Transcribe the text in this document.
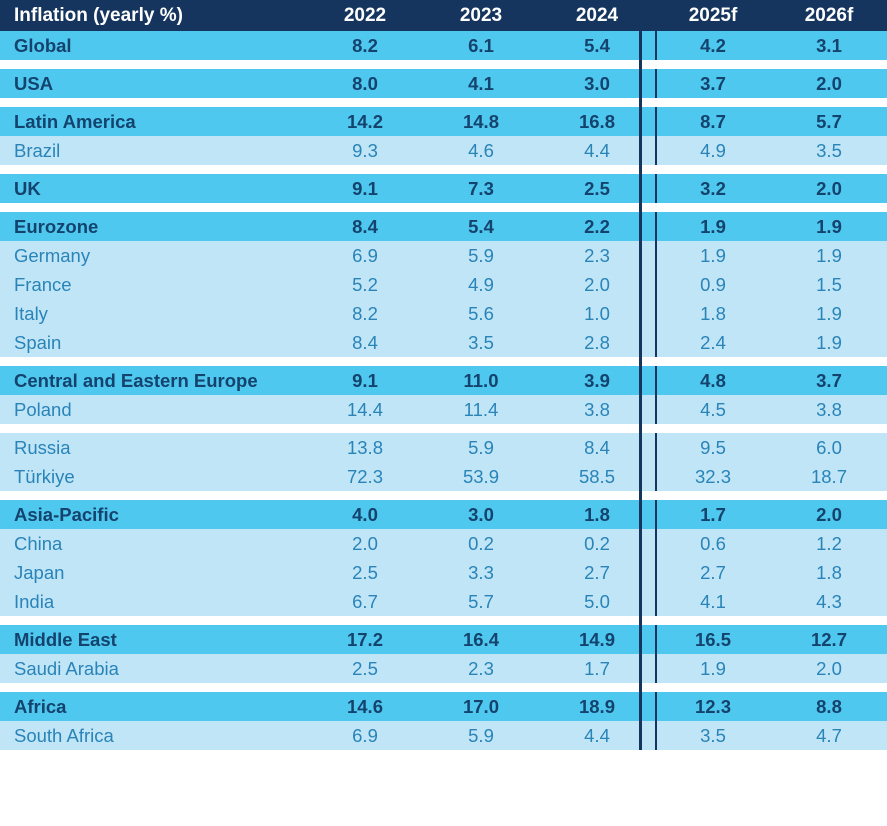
Inflation (yearly %)	2022	2023	2024	2025f	2026f
Global	8.2	6.1	5.4	4.2	3.1

USA	8.0	4.1	3.0	3.7	2.0

Latin America	14.2	14.8	16.8	8.7	5.7
Brazil	9.3	4.6	4.4	4.9	3.5

UK	9.1	7.3	2.5	3.2	2.0

Eurozone	8.4	5.4	2.2	1.9	1.9
Germany	6.9	5.9	2.3	1.9	1.9
France	5.2	4.9	2.0	0.9	1.5
Italy	8.2	5.6	1.0	1.8	1.9
Spain	8.4	3.5	2.8	2.4	1.9

Central and Eastern Europe	9.1	11.0	3.9	4.8	3.7
Poland	14.4	11.4	3.8	4.5	3.8

Russia	13.8	5.9	8.4	9.5	6.0
Türkiye	72.3	53.9	58.5	32.3	18.7

Asia-Pacific	4.0	3.0	1.8	1.7	2.0
China	2.0	0.2	0.2	0.6	1.2
Japan	2.5	3.3	2.7	2.7	1.8
India	6.7	5.7	5.0	4.1	4.3

Middle East	17.2	16.4	14.9	16.5	12.7
Saudi Arabia	2.5	2.3	1.7	1.9	2.0

Africa	14.6	17.0	18.9	12.3	8.8
South Africa	6.9	5.9	4.4	3.5	4.7
